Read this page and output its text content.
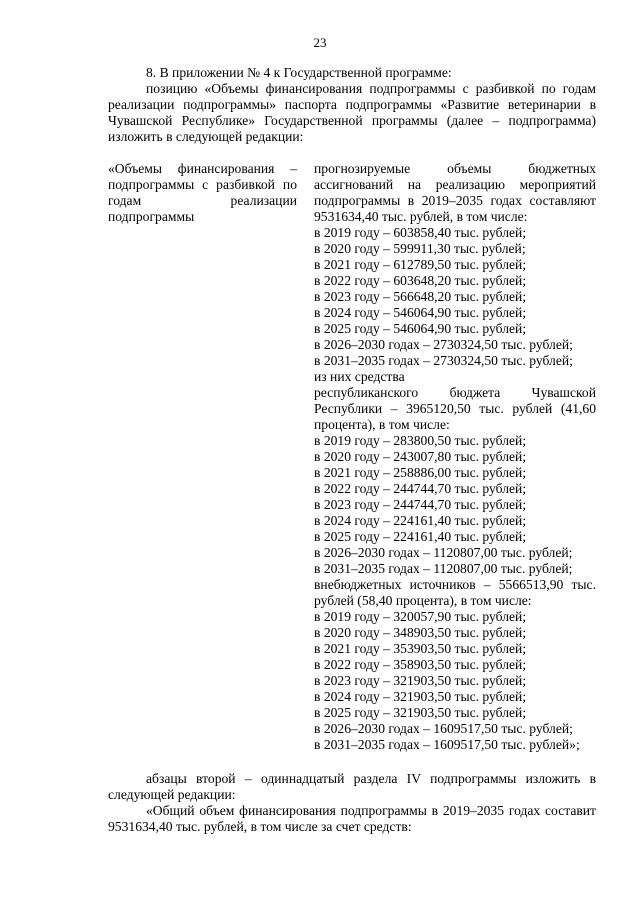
23
8. В приложении № 4 к Государственной программе:
позицию «Объемы финансирования подпрограммы с разбивкой по годам реализации подпрограммы» паспорта подпрограммы «Развитие ветеринарии в Чувашской Республике» Государственной программы (далее – подпрограмма) изложить в следующей редакции:
«Объемы финансирования – подпрограммы с разбивкой по годам реализации подпрограммы
прогнозируемые объемы бюджетных ассигнований на реализацию мероприятий подпрограммы в 2019–2035 годах составляют 9531634,40 тыс. рублей, в том числе:
в 2019 году – 603858,40 тыс. рублей;
в 2020 году – 599911,30 тыс. рублей;
в 2021 году – 612789,50 тыс. рублей;
в 2022 году – 603648,20 тыс. рублей;
в 2023 году – 566648,20 тыс. рублей;
в 2024 году – 546064,90 тыс. рублей;
в 2025 году – 546064,90 тыс. рублей;
в 2026–2030 годах – 2730324,50 тыс. рублей;
в 2031–2035 годах – 2730324,50 тыс. рублей;
из них средства
республиканского бюджета Чувашской Республики – 3965120,50 тыс. рублей (41,60 процента), в том числе:
в 2019 году – 283800,50 тыс. рублей;
в 2020 году – 243007,80 тыс. рублей;
в 2021 году – 258886,00 тыс. рублей;
в 2022 году – 244744,70 тыс. рублей;
в 2023 году – 244744,70 тыс. рублей;
в 2024 году – 224161,40 тыс. рублей;
в 2025 году – 224161,40 тыс. рублей;
в 2026–2030 годах – 1120807,00 тыс. рублей;
в 2031–2035 годах – 1120807,00 тыс. рублей;
внебюджетных источников – 5566513,90 тыс. рублей (58,40 процента), в том числе:
в 2019 году – 320057,90 тыс. рублей;
в 2020 году – 348903,50 тыс. рублей;
в 2021 году – 353903,50 тыс. рублей;
в 2022 году – 358903,50 тыс. рублей;
в 2023 году – 321903,50 тыс. рублей;
в 2024 году – 321903,50 тыс. рублей;
в 2025 году – 321903,50 тыс. рублей;
в 2026–2030 годах – 1609517,50 тыс. рублей;
в 2031–2035 годах – 1609517,50 тыс. рублей»;
абзацы второй – одиннадцатый раздела IV подпрограммы изложить в следующей редакции:
«Общий объем финансирования подпрограммы в 2019–2035 годах составит 9531634,40 тыс. рублей, в том числе за счет средств:
